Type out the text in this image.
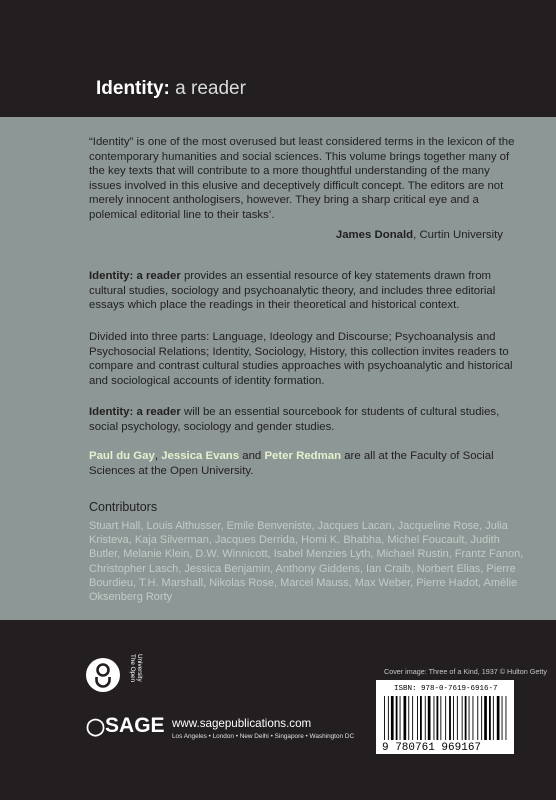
Identity: a reader

“Identity” is one of the most overused but least considered terms in the lexicon of the contemporary humanities and social sciences. This volume brings together many of the key texts that will contribute to a more thoughtful understanding of the many issues involved in this elusive and deceptively difficult concept. The editors are not merely innocent anthologisers, however. They bring a sharp critical eye and a polemical editorial line to their tasks’.

James Donald, Curtin University

Identity: a reader provides an essential resource of key statements drawn from cultural studies, sociology and psychoanalytic theory, and includes three editorial essays which place the readings in their theoretical and historical context.

Divided into three parts: Language, Ideology and Discourse; Psychoanalysis and Psychosocial Relations; Identity, Sociology, History, this collection invites readers to compare and contrast cultural studies approaches with psychoanalytic and historical and sociological accounts of identity formation.

Identity: a reader will be an essential sourcebook for students of cultural studies, social psychology, sociology and gender studies.

Paul du Gay, Jessica Evans and Peter Redman are all at the Faculty of Social Sciences at the Open University.

Contributors

Stuart Hall, Louis Althusser, Emile Benveniste, Jacques Lacan, Jacqueline Rose, Julia Kristeva, Kaja Silverman, Jacques Derrida, Homi K. Bhabha, Michel Foucault, Judith Butler, Melanie Klein, D.W. Winnicott, Isabel Menzies Lyth, Michael Rustin, Frantz Fanon, Christopher Lasch, Jessica Benjamin, Anthony Giddens, Ian Craib, Norbert Elias, Pierre Bourdieu, T.H. Marshall, Nikolas Rose, Marcel Mauss, Max Weber, Pierre Hadot, Amélie Oksenberg Rorty

The Open University	Cover image: Three of a Kind, 1937 © Hulton Getty
ISBN: 978-0-7619-6916-7
9 780761 969167
◯SAGE www.sagepublications.com
Los Angeles • London • New Delhi • Singapore • Washington DC
